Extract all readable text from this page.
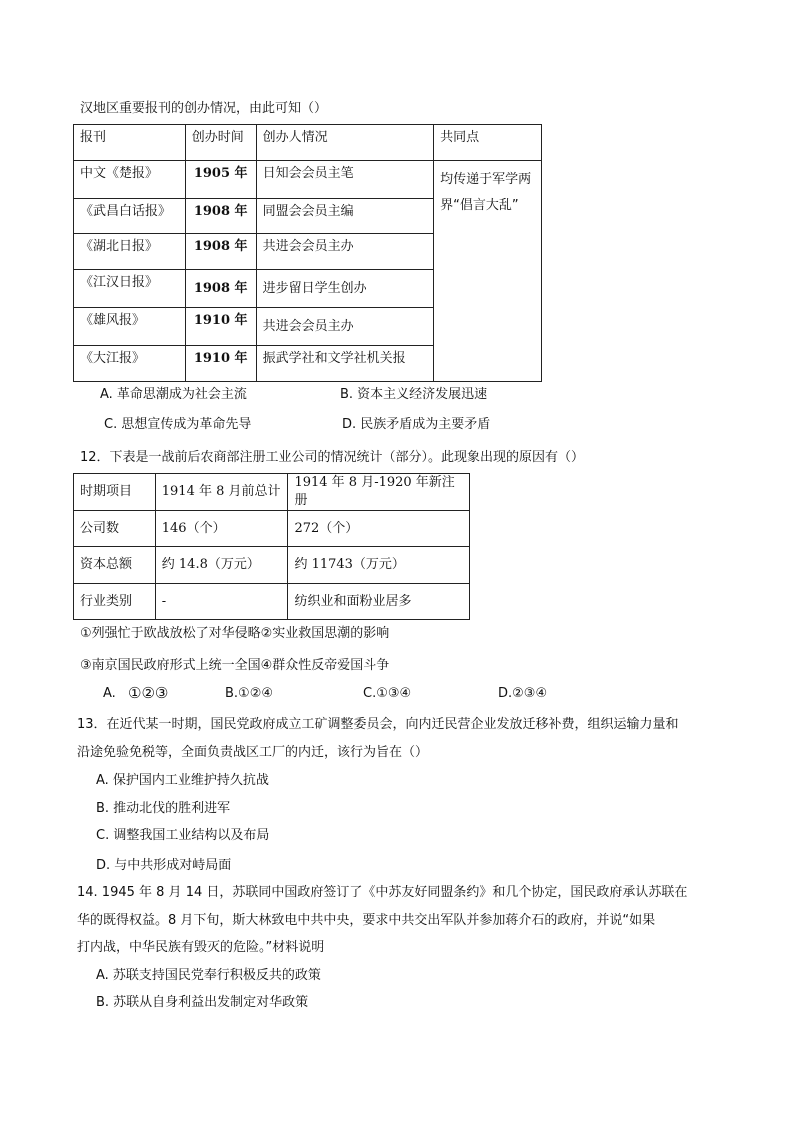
汉地区重要报刊的创办情况，由此可知（）
报刊	创办时间	创办人情况	共同点
中文《楚报》	1905 年	日知会会员主笔	均传递于军学两界“倡言大乱”
《武昌白话报》	1908 年	同盟会会员主编	
《湖北日报》	1908 年	共进会会员主办	
《江汉日报》	1908 年	进步留日学生创办	
《雄风报》	1910 年	共进会会员主办	
《大江报》	1910 年	振武学社和文学社机关报	
A. 革命思潮成为社会主流	B. 资本主义经济发展迅速
C. 思想宣传成为革命先导	D. 民族矛盾成为主要矛盾
12．下表是一战前后农商部注册工业公司的情况统计（部分）。此现象出现的原因有（）
时期项目	1914 年 8 月前总计	1914 年 8 月-1920 年新注册
公司数	146（个）	272（个）
资本总额	约 14.8（万元）	约 11743（万元）
行业类别	-	纺织业和面粉业居多
①列强忙于欧战放松了对华侵略②实业救国思潮的影响
③南京国民政府形式上统一全国④群众性反帝爱国斗争
A. ①②③	B.①②④	C.①③④	D.②③④
13．在近代某一时期，国民党政府成立工矿调整委员会，向内迁民营企业发放迁移补费，组织运输力量和
沿途免验免税等，全面负责战区工厂的内迁，该行为旨在（）
A. 保护国内工业维护持久抗战
B. 推动北伐的胜利进军
C. 调整我国工业结构以及布局
D. 与中共形成对峙局面
14. 1945 年 8 月 14 日，苏联同中国政府签订了《中苏友好同盟条约》和几个协定，国民政府承认苏联在
华的既得权益。8 月下旬，斯大林致电中共中央，要求中共交出军队并参加蒋介石的政府，并说“如果
打内战，中华民族有毁灭的危险。”材料说明
A. 苏联支持国民党奉行积极反共的政策
B. 苏联从自身利益出发制定对华政策
